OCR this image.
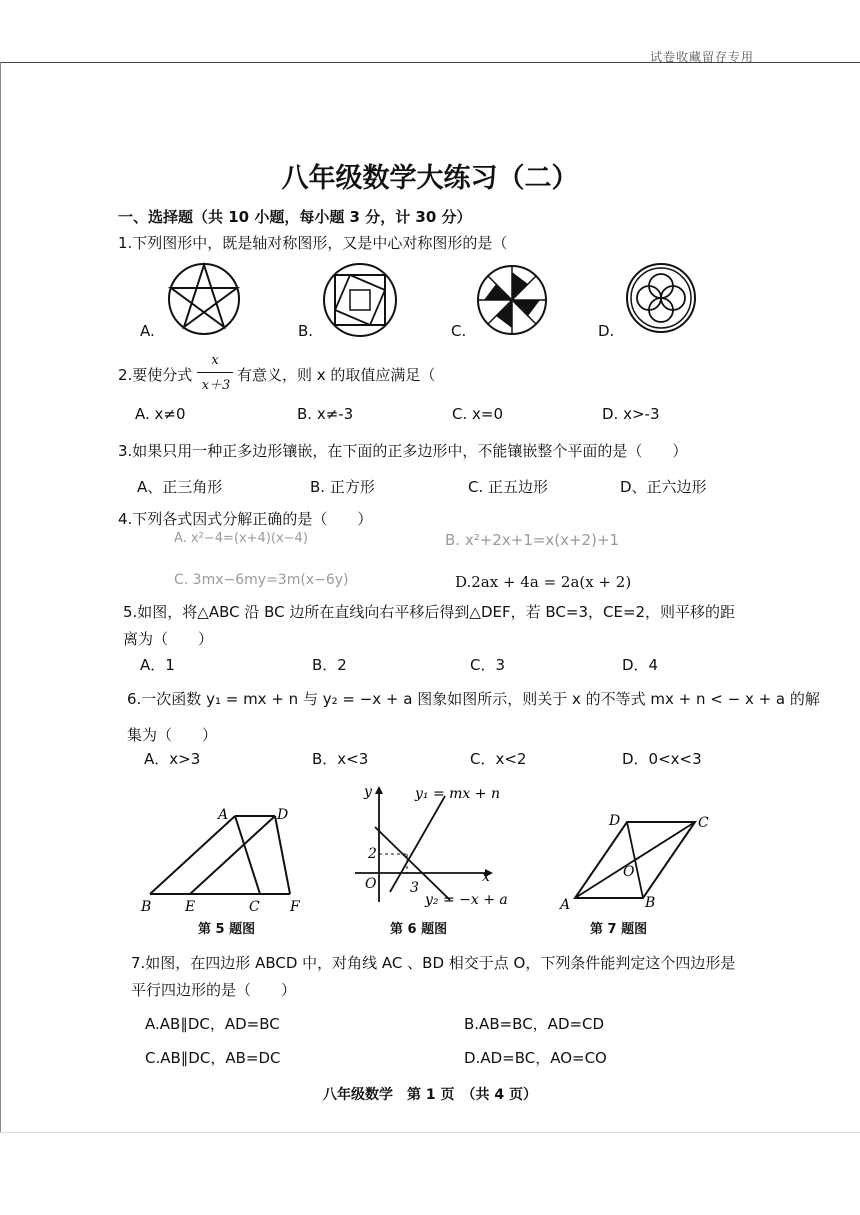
试卷收藏留存专用
八年级数学大练习（二）
一、选择题（共 10 小题，每小题 3 分，计 30 分）
1.下列图形中，既是轴对称图形，又是中心对称图形的是（
A.	B.	C.	D.
2.要使分式
x
x＋3
有意义，则 x 的取值应满足（
A. x≠0	B. x≠-3	C. x=0	D. x>-3
3.如果只用一种正多边形镶嵌，在下面的正多边形中，不能镶嵌整个平面的是（　　）
A、正三角形	B. 正方形	C. 正五边形	D、正六边形
4.下列各式因式分解正确的是（　　）
A. x²−4=(x+4)(x−4)	B. x²+2x+1=x(x+2)+1
C. 3mx−6my=3m(x−6y)	D.2ax + 4a = 2a(x + 2)
5.如图，将△ABC 沿 BC 边所在直线向右平移后得到△DEF，若 BC=3，CE=2，则平移的距
离为（　　）
A．1	B．2	C．3	D．4
6.一次函数 y₁ = mx + n 与 y₂ = −x + a 图象如图所示，则关于 x 的不等式 mx + n < − x + a 的解
集为（　　）
A．x>3	B．x<3	C．x<2	D．0<x<3
A	D
B E	C F
第 5 题图
y	y₁ = mx + n
2
O 3
x
y₂ = −x + a
第 6 题图
D	C
O
A	B
第 7 题图
7.如图，在四边形 ABCD 中，对角线 AC 、BD 相交于点 O，下列条件能判定这个四边形是
平行四边形的是（　　）
A.AB∥DC，AD=BC	B.AB=BC，AD=CD
C.AB∥DC，AB=DC	D.AD=BC，AO=CO
八年级数学　第 1 页　（共 4 页）
